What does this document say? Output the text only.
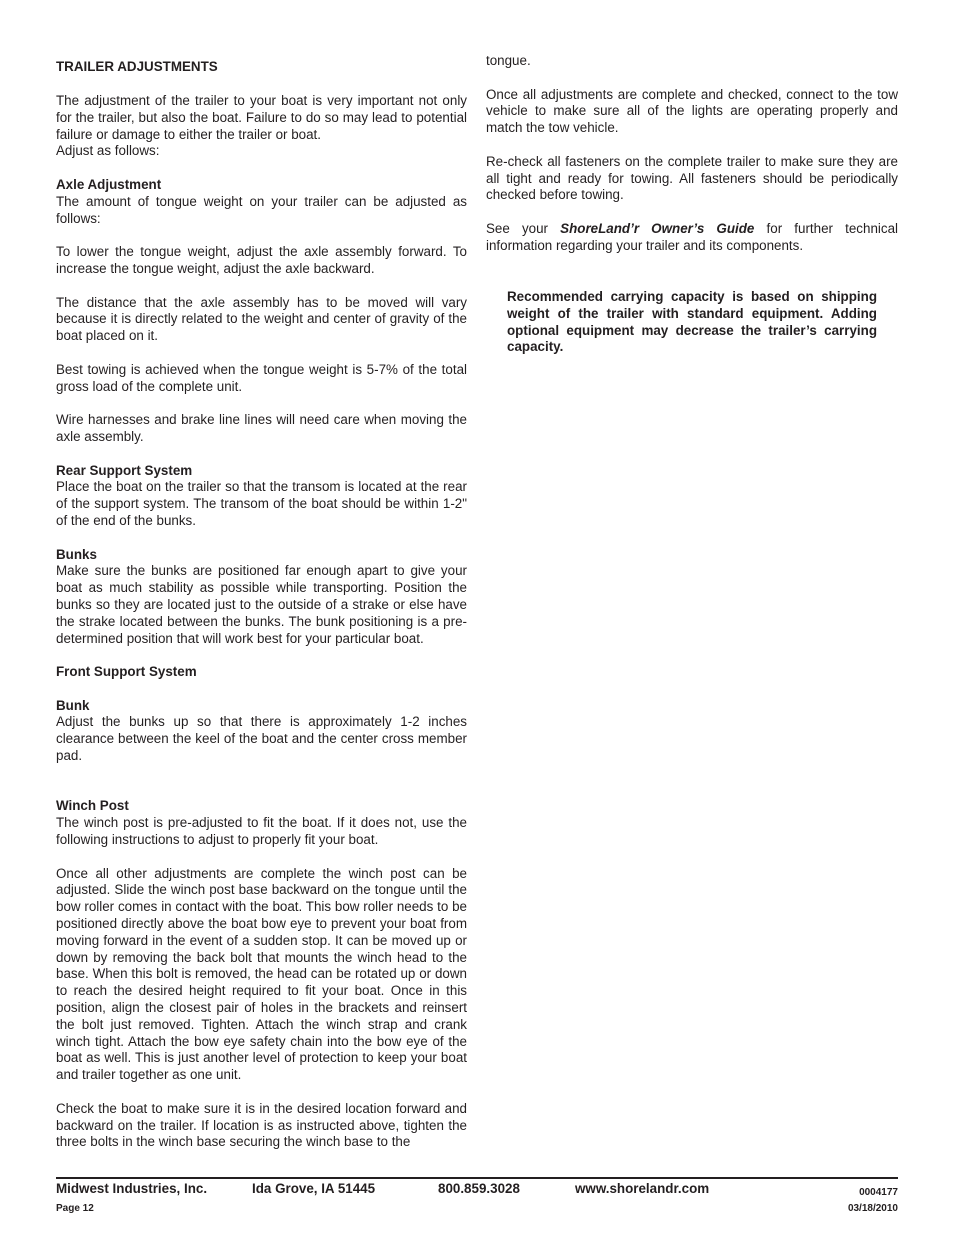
TRAILER ADJUSTMENTS

The adjustment of the trailer to your boat is very important not only for the trailer, but also the boat. Failure to do so may lead to potential failure or damage to either the trailer or boat.

Adjust as follows:

Axle Adjustment

The amount of tongue weight on your trailer can be adjusted as follows:

To lower the tongue weight, adjust the axle assembly forward. To increase the tongue weight, adjust the axle backward.

The distance that the axle assembly has to be moved will vary because it is directly related to the weight and center of gravity of the boat placed on it.

Best towing is achieved when the tongue weight is 5-7% of the total gross load of the complete unit.

Wire harnesses and brake line lines will need care when moving the axle assembly.

Rear Support System

Place the boat on the trailer so that the transom is located at the rear of the support system. The transom of the boat should be within 1-2" of the end of the bunks.

Bunks

Make sure the bunks are positioned far enough apart to give your boat as much stability as possible while transporting. Position the bunks so they are located just to the outside of a strake or else have the strake located between the bunks. The bunk positioning is a pre-determined position that will work best for your particular boat.

Front Support System
Bunk

Adjust the bunks up so that there is approximately 1-2 inches clearance between the keel of the boat and the center cross member pad.

Winch Post

The winch post is pre-adjusted to fit the boat. If it does not, use the following instructions to adjust to properly fit your boat.

Once all other adjustments are complete the winch post can be adjusted. Slide the winch post base backward on the tongue until the bow roller comes in contact with the boat. This bow roller needs to be positioned directly above the boat bow eye to prevent your boat from moving forward in the event of a sudden stop. It can be moved up or down by removing the back bolt that mounts the winch head to the base. When this bolt is removed, the head can be rotated up or down to reach the desired height required to fit your boat. Once in this position, align the closest pair of holes in the brackets and reinsert the bolt just removed. Tighten. Attach the winch strap and crank winch tight. Attach the bow eye safety chain into the bow eye of the boat as well. This is just another level of protection to keep your boat and trailer together as one unit.

Check the boat to make sure it is in the desired location forward and backward on the trailer. If location is as instructed above, tighten the three bolts in the winch base securing the winch base to the

tongue.

Once all adjustments are complete and checked, connect to the tow vehicle to make sure all of the lights are operating properly and match the tow vehicle.

Re-check all fasteners on the complete trailer to make sure they are all tight and ready for towing. All fasteners should be periodically checked before towing.

See your ShoreLand’r Owner’s Guide for further technical information regarding your trailer and its components.

Recommended carrying capacity is based on shipping weight of the trailer with standard equipment. Adding optional equipment may decrease the trailer’s carrying capacity.
Midwest Industries, Inc.	Ida Grove, IA 51445	800.859.3028	www.shorelandr.com	0004177
Page 12	03/18/2010
